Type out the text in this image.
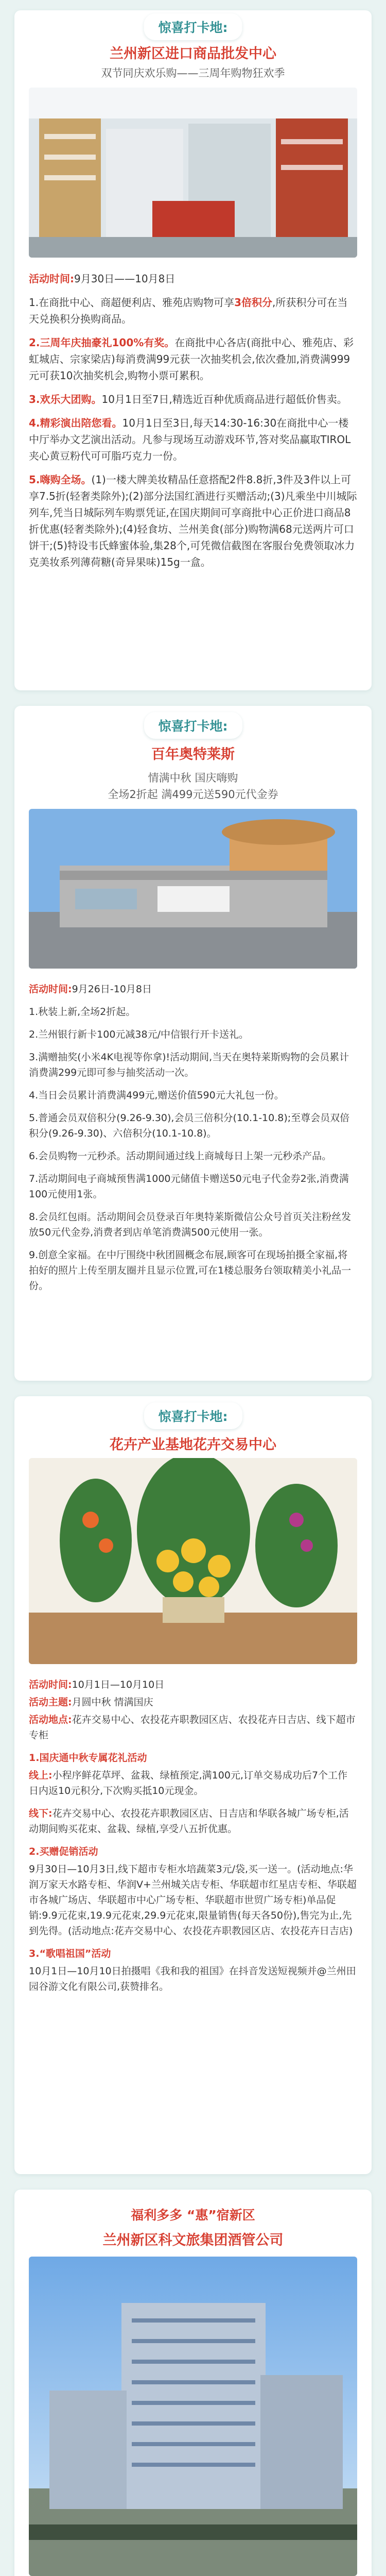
惊喜打卡地:
兰州新区进口商品批发中心
双节同庆欢乐购——三周年购物狂欢季

活动时间:9月30日——10月8日

1.在商批中心、商超便利店、雅苑店购物可享3倍积分,所获积分可在当天兑换积分换购商品。

2.三周年庆抽豪礼100%有奖。在商批中心各店(商批中心、雅苑店、彩虹城店、宗家梁店)每消费满99元获一次抽奖机会,依次叠加,消费满999元可获10次抽奖机会,购物小票可累积。

3.欢乐大团购。10月1日至7日,精选近百种优质商品进行超低价售卖。

4.精彩演出陪您看。10月1日至3日,每天14:30-16:30在商批中心一楼中厅举办文艺演出活动。凡参与现场互动游戏环节,答对奖品赢取TIROL夹心黄豆粉代可可脂巧克力一份。

5.嗨购全场。(1)一楼大牌美妆精品任意搭配2件8.8折,3件及3件以上可享7.5折(轻奢类除外);(2)部分法国红酒进行买赠活动;(3)凡乘坐中川城际列车,凭当日城际列车购票凭证,在国庆期间可享商批中心正价进口商品8折优惠(轻奢类除外);(4)轻食坊、兰州美食(部分)购物满68元送两片可口饼干;(5)特设韦氏蜂蜜体验,集28个,可凭微信截图在客服台免费领取冰力克美妆系列薄荷糖(奇异果味)15g一盒。

惊喜打卡地:
百年奥特莱斯
情满中秋 国庆嗨购
全场2折起 满499元送590元代金券

活动时间:9月26日-10月8日

1.秋装上新,全场2折起。

2.兰州银行新卡100元减38元/中信银行开卡送礼。

3.满赠抽奖(小米4K电视等你拿)!活动期间,当天在奥特莱斯购物的会员累计消费满299元即可参与抽奖活动一次。

4.当日会员累计消费满499元,赠送价值590元大礼包一份。

5.普通会员双倍积分(9.26-9.30),会员三倍积分(10.1-10.8);至尊会员双倍积分(9.26-9.30)、六倍积分(10.1-10.8)。

6.会员购物一元秒杀。活动期间通过线上商城每日上架一元秒杀产品。

7.活动期间电子商城预售满1000元储值卡赠送50元电子代金券2张,消费满100元使用1张。

8.会员红包雨。活动期间会员登录百年奥特莱斯微信公众号首页关注粉丝发放50元代金券,消费者到店单笔消费满500元使用一张。

9.创意全家福。在中厅围绕中秋团圆概念布展,顾客可在现场拍摄全家福,将拍好的照片上传至朋友圈并且显示位置,可在1楼总服务台领取精美小礼品一份。

惊喜打卡地:
花卉产业基地花卉交易中心

活动时间:10月1日—10月10日

活动主题:月圆中秋 情满国庆

活动地点:花卉交易中心、农投花卉职教园区店、农投花卉日吉店、线下超市专柜

1.国庆通中秋专属花礼活动

线上:小程序鲜花草坪、盆栽、绿植预定,满100元,订单交易成功后7个工作日内返10元积分,下次购买抵10元现金。

线下:花卉交易中心、农投花卉职教园区店、日吉店和华联各城广场专柜,活动期间购买花束、盆栽、绿植,享受八五折优惠。

2.买赠促销活动

9月30日—10月3日,线下超市专柜水培蔬菜3元/袋,买一送一。(活动地点:华润万家天水路专柜、华润V+兰州城关店专柜、华联超市红星店专柜、华联超市各城广场店、华联超市中心广场专柜、华联超市世贸广场专柜)单品促销:9.9元花束,19.9元花束,29.9元花束,限量销售(每天各50份),售完为止,先到先得。(活动地点:花卉交易中心、农投花卉职教园区店、农投花卉日吉店)

3.“歌唱祖国”活动

10月1日—10月10日拍摄唱《我和我的祖国》在抖音发送短视频并@兰州田园谷游文化有限公司,获赞排名。

福利多多 “惠”宿新区
兰州新区科文旅集团酒管公司
